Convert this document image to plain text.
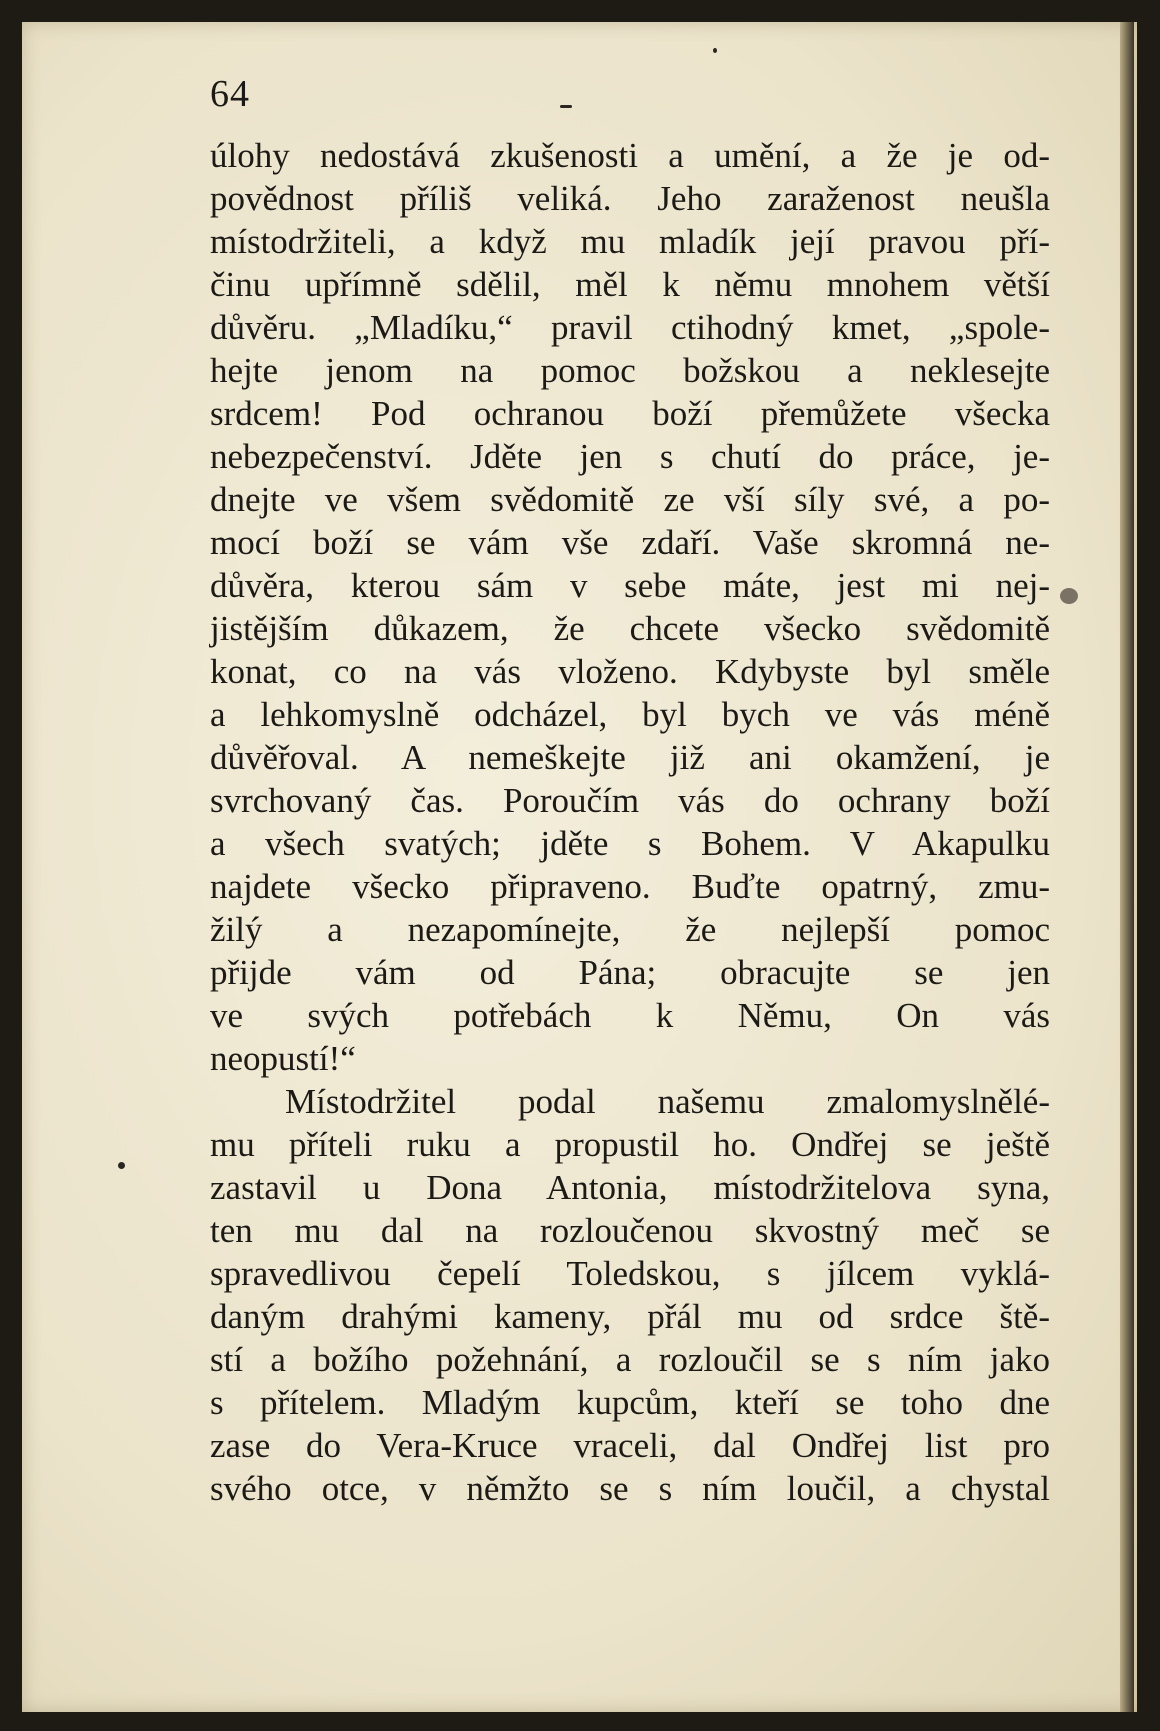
64
úlohy nedostává zkušenosti a umění, a že je od-
povědnost příliš veliká. Jeho zaraženost neušla
místodržiteli, a když mu mladík její pravou pří-
činu upřímně sdělil, měl k němu mnohem větší
důvěru. „Mladíku,“ pravil ctihodný kmet, „spole-
hejte jenom na pomoc božskou a neklesejte
srdcem! Pod ochranou boží přemůžete všecka
nebezpečenství. Jděte jen s chutí do práce, je-
dnejte ve všem svědomitě ze vší síly své, a po-
mocí boží se vám vše zdaří. Vaše skromná ne-
důvěra, kterou sám v sebe máte, jest mi nej-
jistějším důkazem, že chcete všecko svědomitě
konat, co na vás vloženo. Kdybyste byl směle
a lehkomyslně odcházel, byl bych ve vás méně
důvěřoval. A nemeškejte již ani okamžení, je
svrchovaný čas. Poroučím vás do ochrany boží
a všech svatých; jděte s Bohem. V Akapulku
najdete všecko připraveno. Buďte opatrný, zmu-
žilý a nezapomínejte, že nejlepší pomoc
přijde vám od Pána; obracujte se jen
ve svých potřebách k Němu, On vás
neopustí!“
Místodržitel podal našemu zmalomyslnělé-
mu příteli ruku a propustil ho. Ondřej se ještě
zastavil u Dona Antonia, místodržitelova syna,
ten mu dal na rozloučenou skvostný meč se
spravedlivou čepelí Toledskou, s jílcem vyklá-
daným drahými kameny, přál mu od srdce ště-
stí a božího požehnání, a rozloučil se s ním jako
s přítelem. Mladým kupcům, kteří se toho dne
zase do Vera-Kruce vraceli, dal Ondřej list pro
svého otce, v němžto se s ním loučil, a chystal
